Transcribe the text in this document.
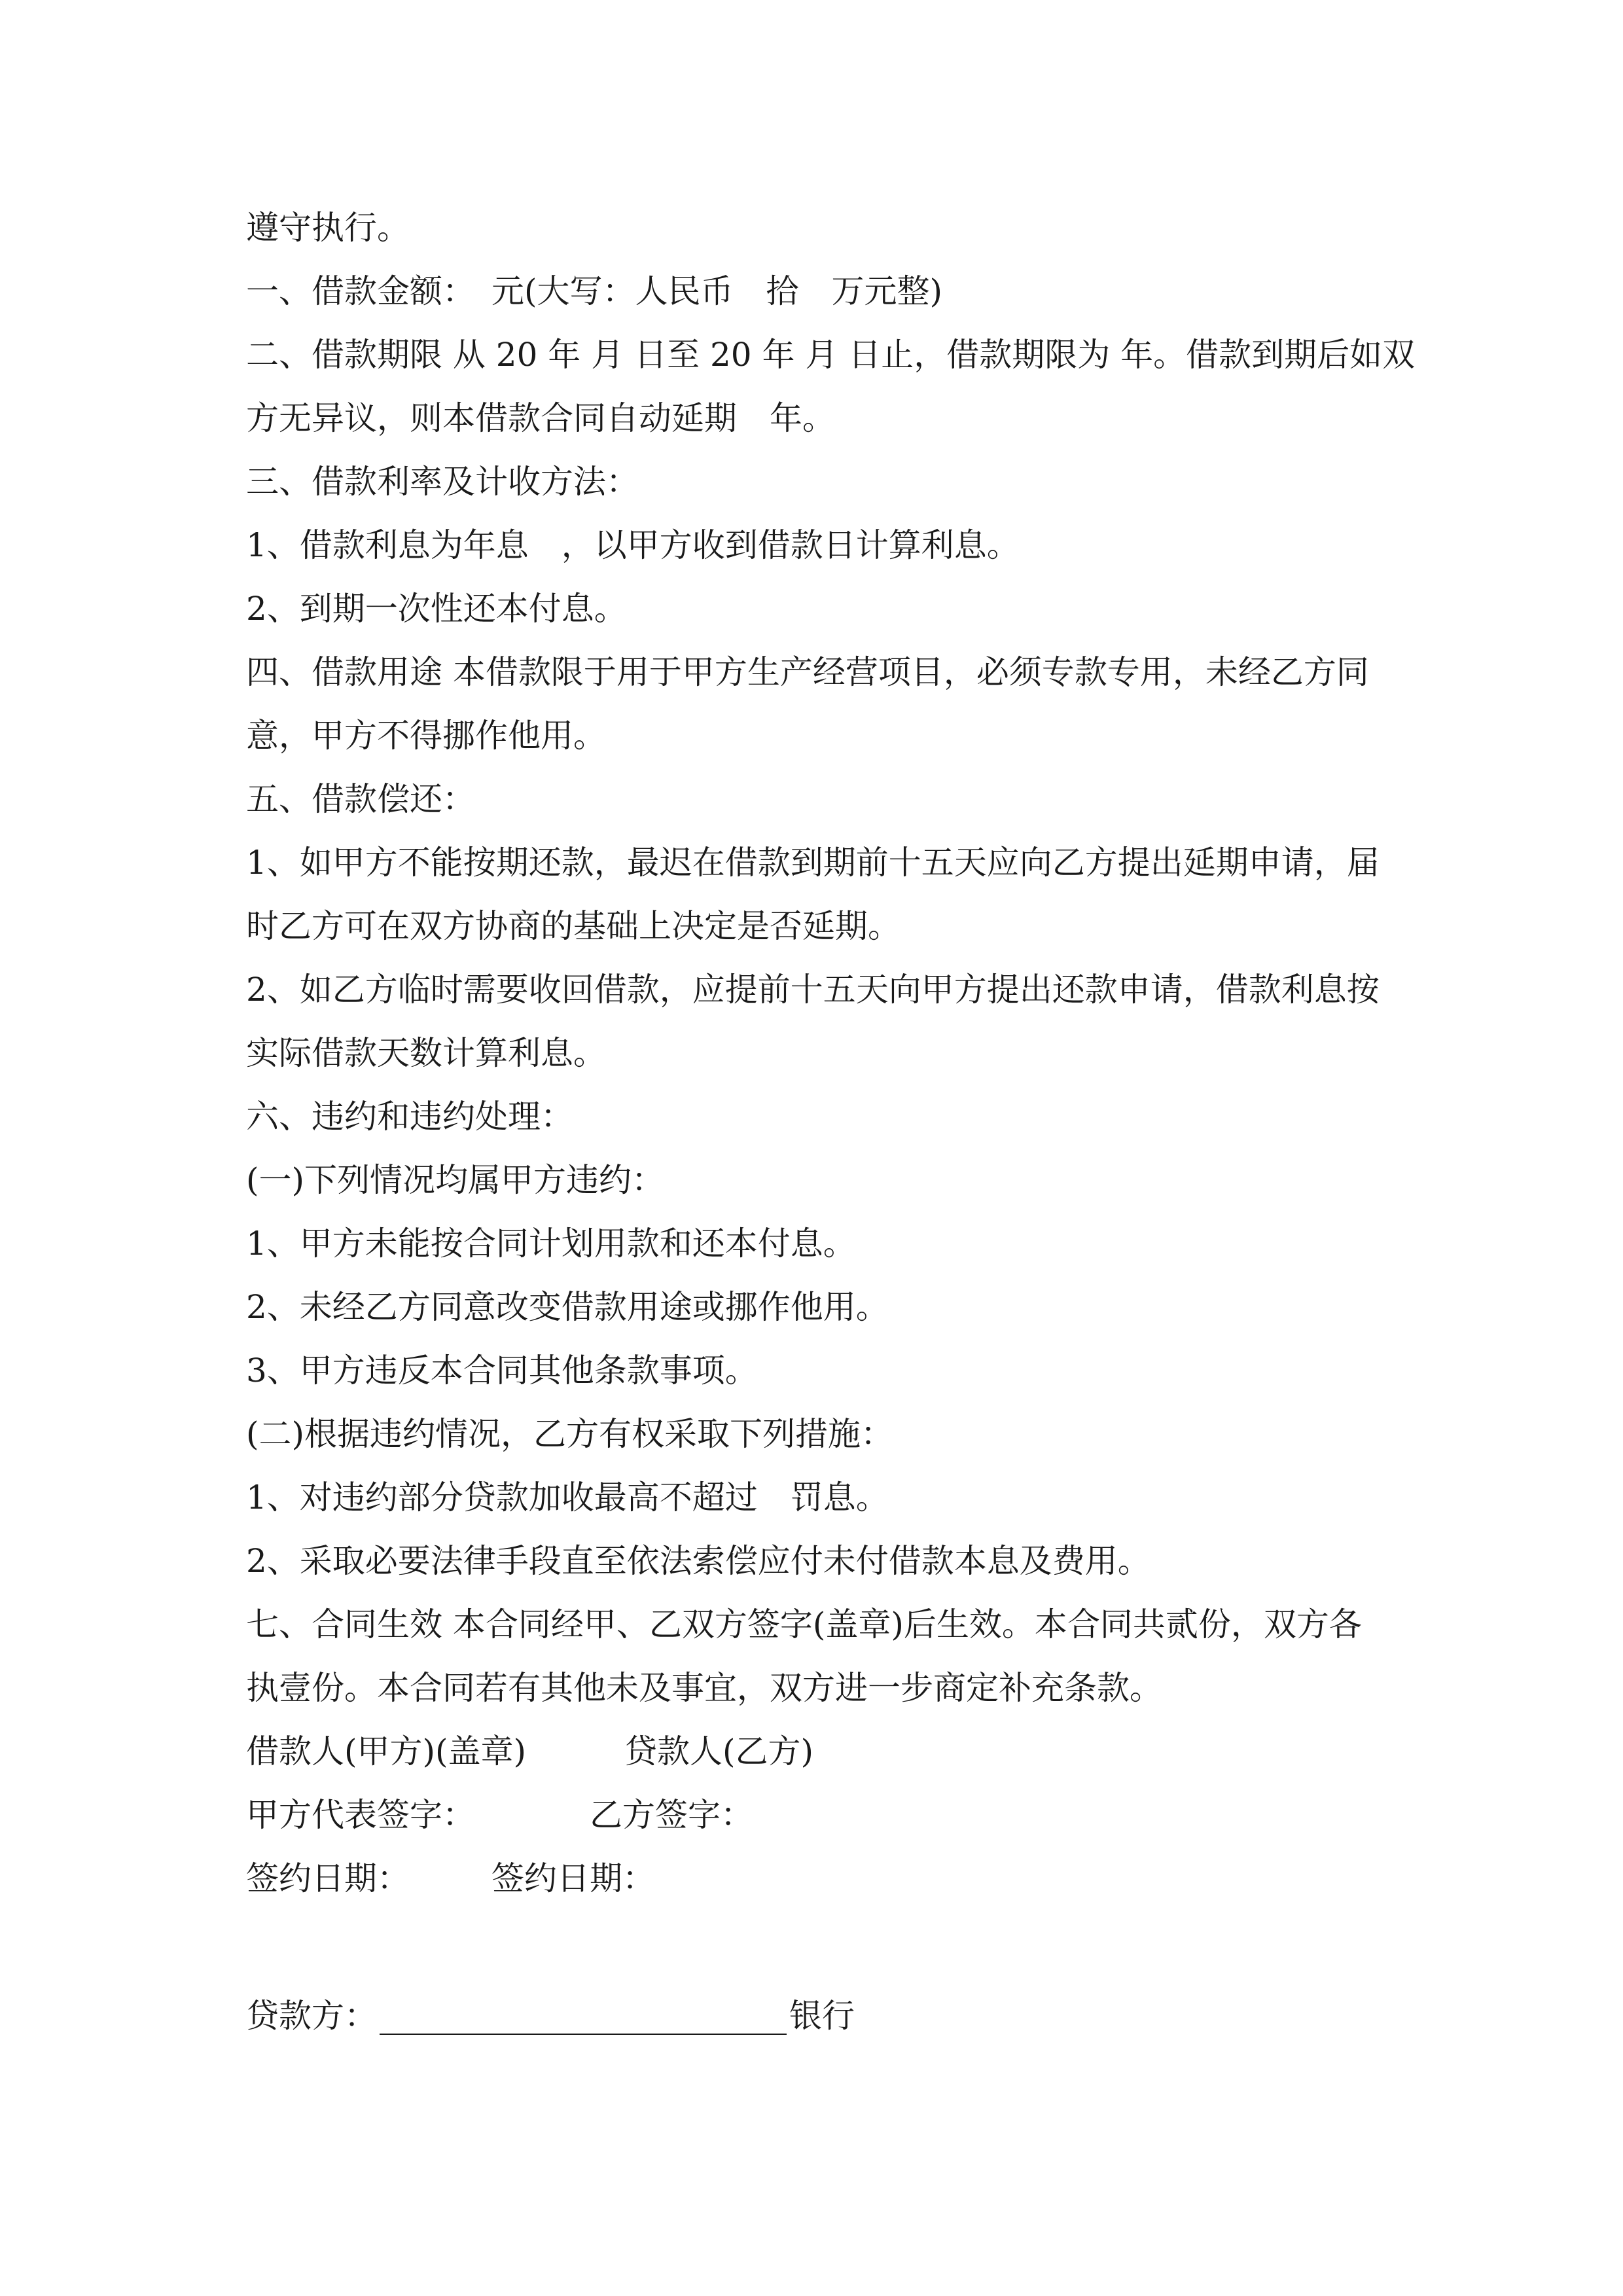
遵守执行。
一、借款金额：　元(大写：人民币　拾　万元整)
二、借款期限 从 20 年 月 日至 20 年 月 日止，借款期限为 年。借款到期后如双
方无异议，则本借款合同自动延期　年。
三、借款利率及计收方法：
1、借款利息为年息　，以甲方收到借款日计算利息。
2、到期一次性还本付息。
四、借款用途 本借款限于用于甲方生产经营项目，必须专款专用，未经乙方同
意，甲方不得挪作他用。
五、借款偿还：
1、如甲方不能按期还款，最迟在借款到期前十五天应向乙方提出延期申请，届
时乙方可在双方协商的基础上决定是否延期。
2、如乙方临时需要收回借款，应提前十五天向甲方提出还款申请，借款利息按
实际借款天数计算利息。
六、违约和违约处理：
(一)下列情况均属甲方违约：
1、甲方未能按合同计划用款和还本付息。
2、未经乙方同意改变借款用途或挪作他用。
3、甲方违反本合同其他条款事项。
(二)根据违约情况，乙方有权采取下列措施：
1、对违约部分贷款加收最高不超过　罚息。
2、采取必要法律手段直至依法索偿应付未付借款本息及费用。
七、合同生效 本合同经甲、乙双方签字(盖章)后生效。本合同共贰份，双方各
执壹份。本合同若有其他未及事宜，双方进一步商定补充条款。
借款人(甲方)(盖章)　　　贷款人(乙方)
甲方代表签字：　　　　乙方签字：
签约日期：　　　签约日期：
贷款方：	银行
